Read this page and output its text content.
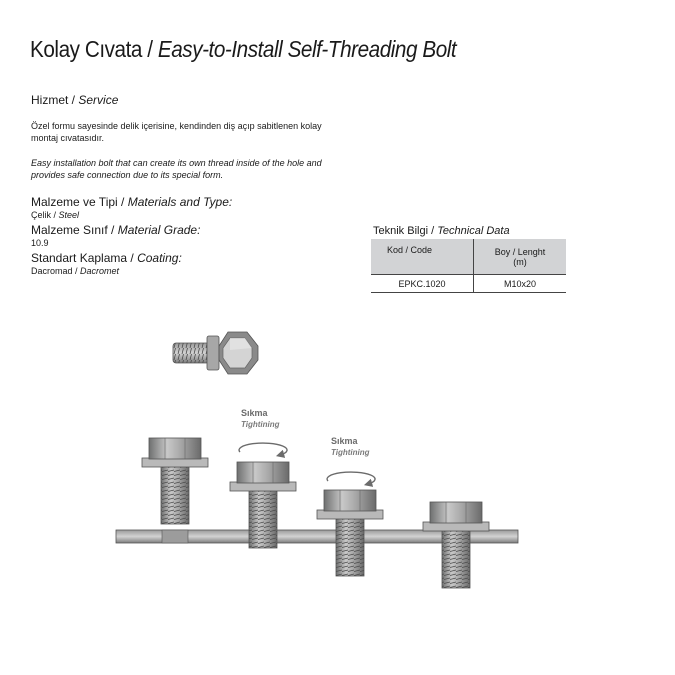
Kolay Cıvata / Easy-to-Install Self-Threading Bolt
Hizmet / Service
Özel formu sayesinde delik içerisine, kendinden diş açıp sabitlenen kolay montaj cıvatasıdır.
Easy installation bolt that can create its own thread inside of the hole and provides safe connection due to its special form.
Malzeme ve Tipi / Materials and Type:
Çelik / Steel
Malzeme Sınıf / Material Grade:
10.9
Standart Kaplama / Coating:
Dacromad / Dacromet
Teknik Bilgi / Technical Data
Kod / Code	Boy / Lenght
(m)
EPKC.1020	M10x20
Sıkma
Tightining
Sıkma
Tightining
